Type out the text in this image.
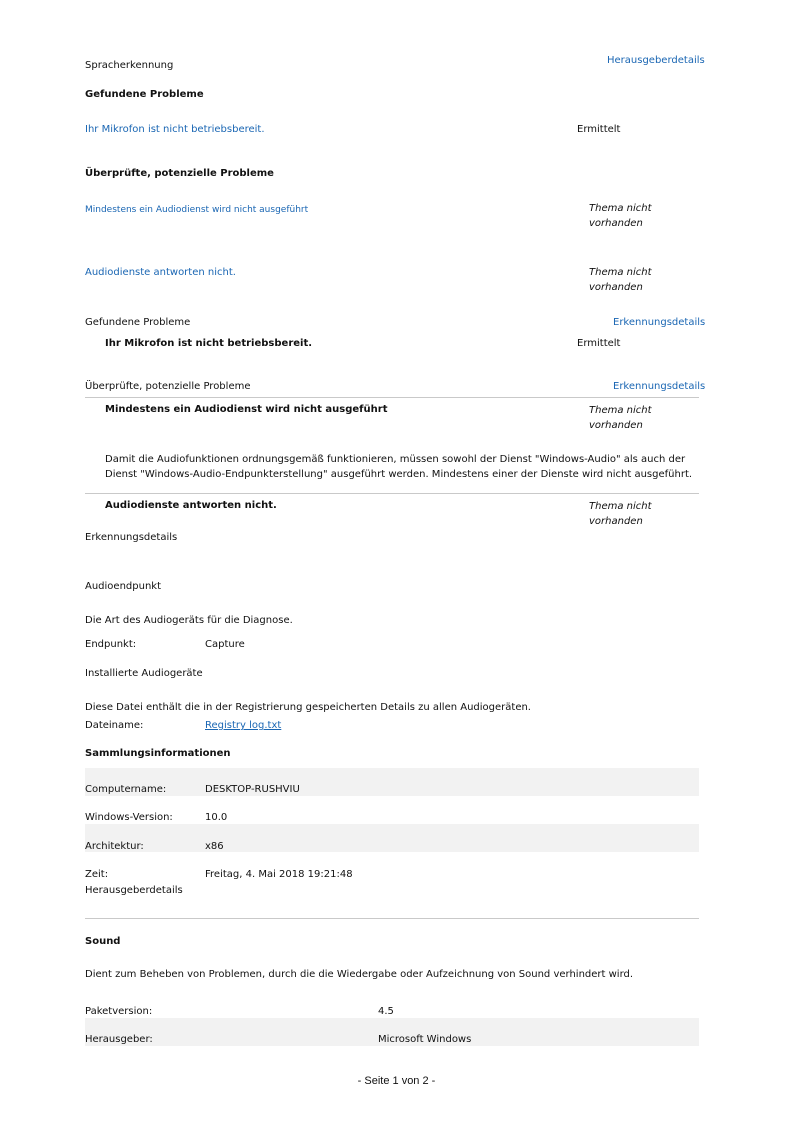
Spracherkennung	Herausgeberdetails
Gefundene Probleme
Ihr Mikrofon ist nicht betriebsbereit.	Ermittelt
Überprüfte, potenzielle Probleme
Mindestens ein Audiodienst wird nicht ausgeführt	Thema nicht
vorhanden
Audiodienste antworten nicht.	Thema nicht
vorhanden
Gefundene Probleme	Erkennungsdetails
Ihr Mikrofon ist nicht betriebsbereit.	Ermittelt
Überprüfte, potenzielle Probleme	Erkennungsdetails
Mindestens ein Audiodienst wird nicht ausgeführt	Thema nicht
vorhanden
Damit die Audiofunktionen ordnungsgemäß funktionieren, müssen sowohl der Dienst "Windows-Audio" als auch der Dienst "Windows-Audio-Endpunkterstellung" ausgeführt werden. Mindestens einer der Dienste wird nicht ausgeführt.
Audiodienste antworten nicht.	Thema nicht
vorhanden
Erkennungsdetails
Audioendpunkt
Die Art des Audiogeräts für die Diagnose.
Endpunkt:	Capture
Installierte Audiogeräte
Diese Datei enthält die in der Registrierung gespeicherten Details zu allen Audiogeräten.
Dateiname:	Registry log.txt
Sammlungsinformationen
Computername:	DESKTOP-RUSHVIU
Windows-Version:	10.0
Architektur:	x86
Zeit:	Freitag, 4. Mai 2018 19:21:48
Herausgeberdetails
Sound
Dient zum Beheben von Problemen, durch die die Wiedergabe oder Aufzeichnung von Sound verhindert wird.
Paketversion:	4.5
Herausgeber:	Microsoft Windows
- Seite 1 von 2 -
